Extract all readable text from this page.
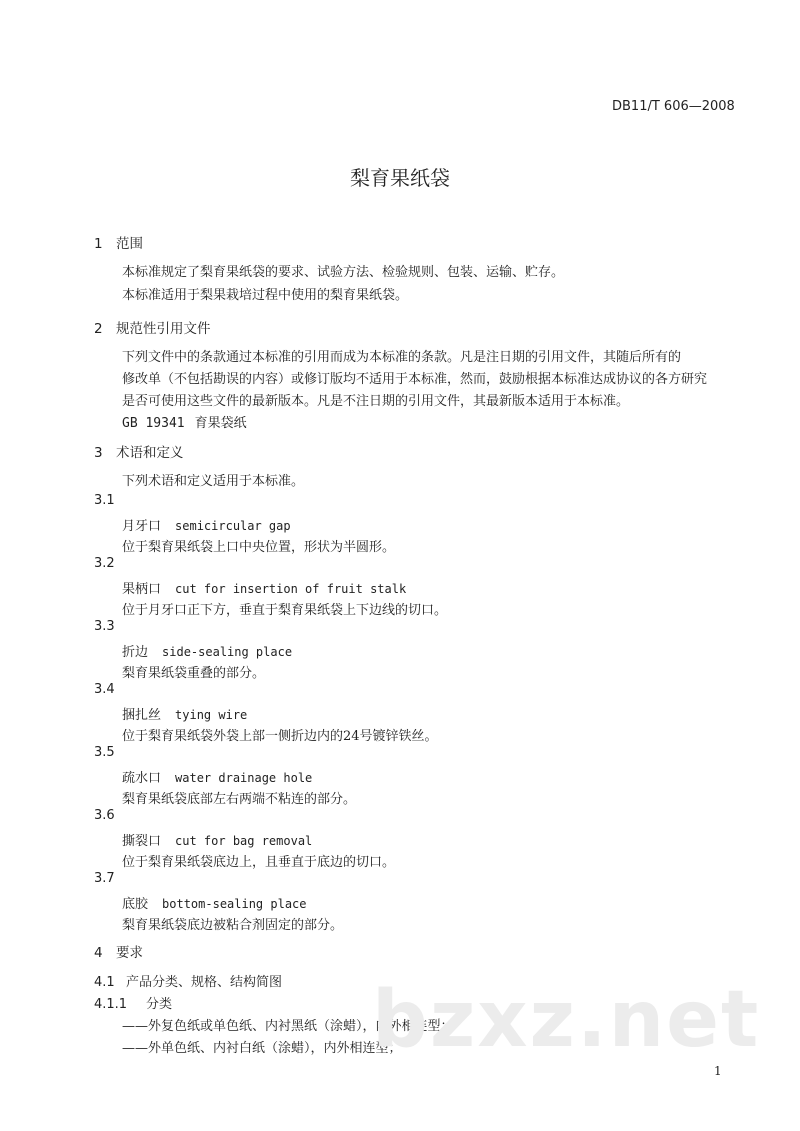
DB11/T 606—2008
梨育果纸袋
1 范围
本标准规定了梨育果纸袋的要求、试验方法、检验规则、包装、运输、贮存。
本标准适用于梨果栽培过程中使用的梨育果纸袋。
2 规范性引用文件
下列文件中的条款通过本标准的引用而成为本标准的条款。凡是注日期的引用文件，其随后所有的
修改单（不包括勘误的内容）或修订版均不适用于本标准，然而，鼓励根据本标准达成协议的各方研究
是否可使用这些文件的最新版本。凡是不注日期的引用文件，其最新版本适用于本标准。
GB 19341 育果袋纸
3 术语和定义
下列术语和定义适用于本标准。
3.1
月牙口 semicircular gap
位于梨育果纸袋上口中央位置，形状为半圆形。
3.2
果柄口 cut for insertion of fruit stalk
位于月牙口正下方，垂直于梨育果纸袋上下边线的切口。
3.3
折边 side-sealing place
梨育果纸袋重叠的部分。
3.4
捆扎丝 tying wire
位于梨育果纸袋外袋上部一侧折边内的24号镀锌铁丝。
3.5
疏水口 water drainage hole
梨育果纸袋底部左右两端不粘连的部分。
3.6
撕裂口 cut for bag removal
位于梨育果纸袋底边上，且垂直于底边的切口。
3.7
底胶 bottom-sealing place
梨育果纸袋底边被粘合剂固定的部分。
4 要求
4.1 产品分类、规格、结构简图
4.1.1 分类
——外复色纸或单色纸、内衬黑纸（涂蜡），内外相连型；
——外单色纸、内衬白纸（涂蜡），内外相连型；
bzxz.net
1
